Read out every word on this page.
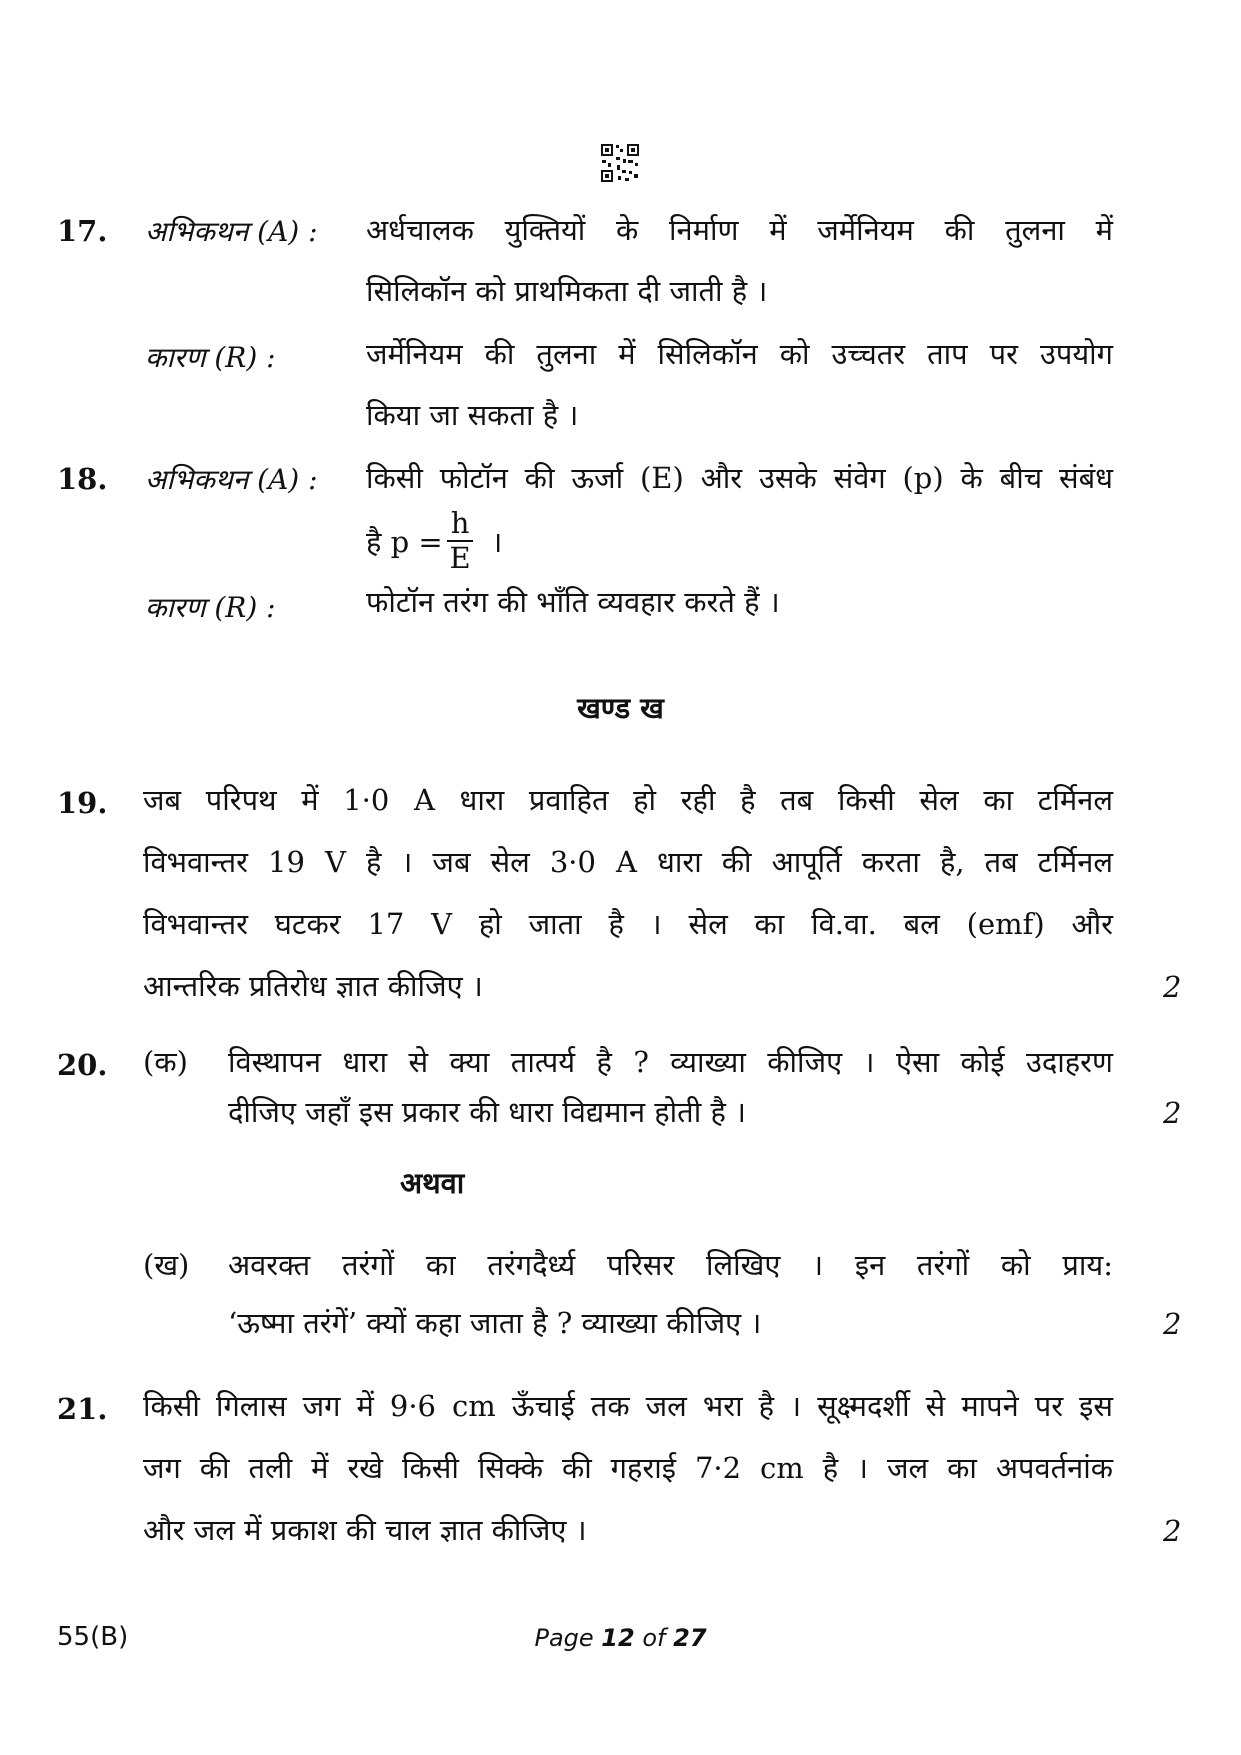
17. अभिकथन (A) : अर्धचालक युक्तियों के निर्माण में जर्मेनियम की तुलना में
सिलिकॉन को प्राथमिकता दी जाती है ।
कारण (R) :	जर्मेनियम की तुलना में सिलिकॉन को उच्चतर ताप पर उपयोग
किया जा सकता है ।
18. अभिकथन (A) : किसी फोटॉन की ऊर्जा (E) और उसके संवेग (p) के बीच संबंध
है $p = \frac{h}{E}$ ।
कारण (R) :	फोटॉन तरंग की भाँति व्यवहार करते हैं ।
खण्ड ख
19. जब परिपथ में 1·0 A धारा प्रवाहित हो रही है तब किसी सेल का टर्मिनल
विभवान्तर 19 V है । जब सेल 3·0 A धारा की आपूर्ति करता है, तब टर्मिनल
विभवान्तर घटकर 17 V हो जाता है । सेल का वि.वा. बल (emf) और
आन्तरिक प्रतिरोध ज्ञात कीजिए ।	2
20. (क) विस्थापन धारा से क्या तात्पर्य है ? व्याख्या कीजिए । ऐसा कोई उदाहरण
दीजिए जहाँ इस प्रकार की धारा विद्यमान होती है ।	2
अथवा
(ख) अवरक्त तरंगों का तरंगदैर्ध्य परिसर लिखिए । इन तरंगों को प्राय:
‘ऊष्मा तरंगें’ क्यों कहा जाता है ? व्याख्या कीजिए ।	2
21. किसी गिलास जग में 9·6 cm ऊँचाई तक जल भरा है । सूक्ष्मदर्शी से मापने पर इस
जग की तली में रखे किसी सिक्के की गहराई 7·2 cm है । जल का अपवर्तनांक
और जल में प्रकाश की चाल ज्ञात कीजिए ।	2
55(B)	Page 12 of 27
